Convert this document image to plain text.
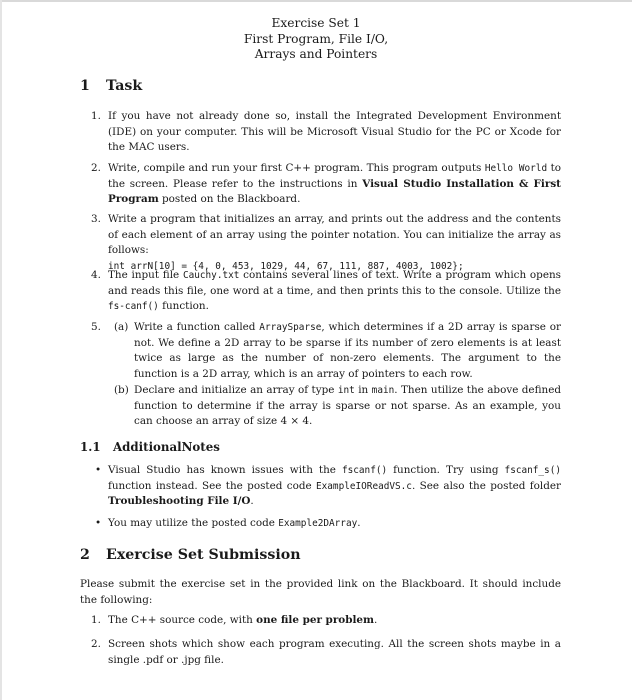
Exercise Set 1
First Program, File I/O,
Arrays and Pointers
1 Task
1. If you have not already done so, install the Integrated Development Environment (IDE) on your computer. This will be Microsoft Visual Studio for the PC or Xcode for the MAC users.
2. Write, compile and run your first C++ program. This program outputs Hello World to the screen. Please refer to the instructions in Visual Studio Installation & First Program posted on the Blackboard.
3. Write a program that initializes an array, and prints out the address and the contents of each element of an array using the pointer notation. You can initialize the array as follows:
int arrN[10] = {4, 0, 453, 1029, 44, 67, 111, 887, 4003, 1002};
4. The input file Cauchy.txt contains several lines of text. Write a program which opens and reads this file, one word at a time, and then prints this to the console. Utilize the fs-canf() function.
5. (a) Write a function called ArraySparse, which determines if a 2D array is sparse or not. We define a 2D array to be sparse if its number of zero elements is at least twice as large as the number of non-zero elements. The argument to the function is a 2D array, which is an array of pointers to each row.
(b) Declare and initialize an array of type int in main. Then utilize the above defined function to determine if the array is sparse or not sparse. As an example, you can choose an array of size 4 × 4.
1.1 AdditionalNotes
• Visual Studio has known issues with the fscanf() function. Try using fscanf_s() function instead. See the posted code ExampleIOReadVS.c. See also the posted folder Troubleshooting File I/O.
• You may utilize the posted code Example2DArray.
2 Exercise Set Submission
Please submit the exercise set in the provided link on the Blackboard. It should include the following:
1. The C++ source code, with one file per problem.
2. Screen shots which show each program executing. All the screen shots maybe in a single .pdf or .jpg file.
